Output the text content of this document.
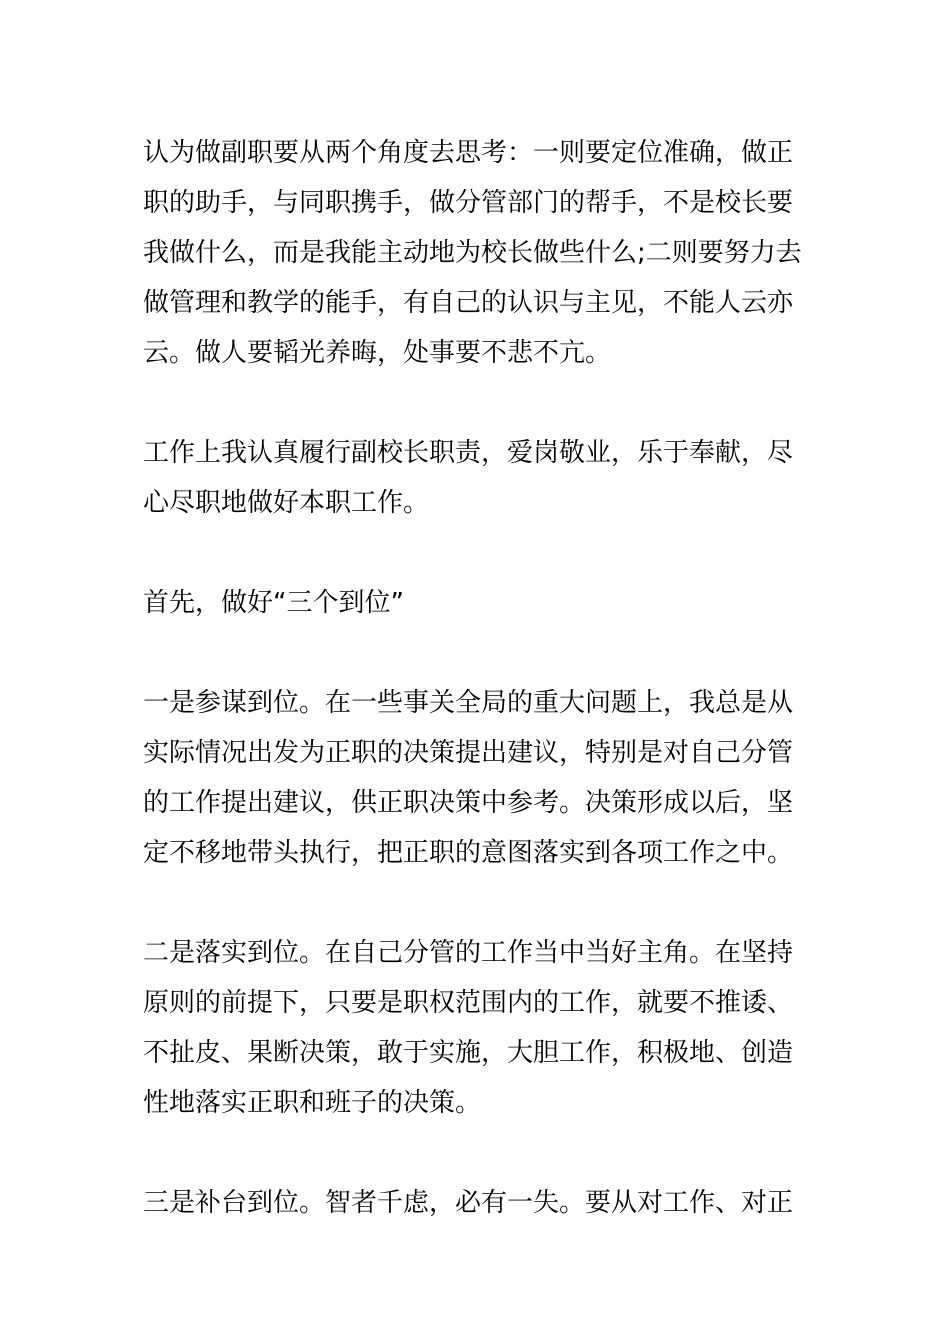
认为做副职要从两个角度去思考：一则要定位准确，做正
职的助手，与同职携手，做分管部门的帮手，不是校长要
我做什么，而是我能主动地为校长做些什么;二则要努力去
做管理和教学的能手，有自己的认识与主见，不能人云亦
云。做人要韬光养晦，处事要不悲不亢。

工作上我认真履行副校长职责，爱岗敬业，乐于奉献，尽
心尽职地做好本职工作。

首先，做好“三个到位”

一是参谋到位。在一些事关全局的重大问题上，我总是从
实际情况出发为正职的决策提出建议，特别是对自己分管
的工作提出建议，供正职决策中参考。决策形成以后，坚
定不移地带头执行，把正职的意图落实到各项工作之中。

二是落实到位。在自己分管的工作当中当好主角。在坚持
原则的前提下，只要是职权范围内的工作，就要不推诿、
不扯皮、果断决策，敢于实施，大胆工作，积极地、创造
性地落实正职和班子的决策。

三是补台到位。智者千虑，必有一失。要从对工作、对正
